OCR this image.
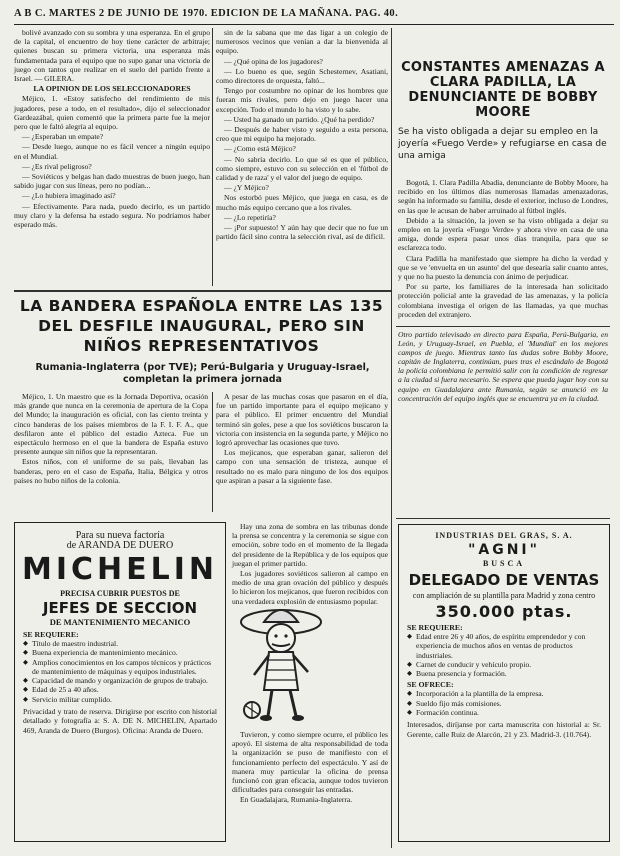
A B C. MARTES 2 DE JUNIO DE 1970. EDICION DE LA MAÑANA. PAG. 40.

bolivé avanzado con su sombra y una esperanza. En el grupo de la capital, el encuentro de hoy tiene carácter de arbitraje; quienes buscan su primera victoria, una esperanza más fundamentada para el equipo que no supo ganar una victoria de juego con tantos que realizar en el suelo del partido frente a Israel. — GILERA.

LA OPINION DE LOS SELECCIONADORES

Méjico, 1. «Estoy satisfecho del rendimiento de mis jugadores, pese a todo, en el resultado», dijo el seleccionador Gardeazábal, quien comentó que la primera parte fue la mejor pero que le faltó alegría al equipo.

— ¿Esperaban un empate?

— Desde luego, aunque no es fácil vencer a ningún equipo en el Mundial.

— ¿Es rival peligroso?

— Soviéticos y belgas han dado muestras de buen juego, han sabido jugar con sus líneas, pero no podían...

— ¿Lo hubiera imaginado así?

— Efectivamente. Para nada, puedo decirlo, es un partido muy claro y la defensa ha estado segura. No podríamos haber esperado más.

sin de la sabana que me das ligar a un colegio de numerosos vecinos que venían a dar la bienvenida al equipo.

— ¿Qué opina de los jugadores?

— Lo bueno es que, según Schesternev, Asatiani, como directores de orquesta, faltó...

Tengo por costumbre no opinar de los hombres que fueran mis rivales, pero dejo en juego hacer una excepción. Todo el mundo lo ha visto y lo sabe.

— Usted ha ganado un partido. ¿Qué ha perdido?

— Después de haber visto y seguido a esta persona, creo que mi equipo ha mejorado.

— ¿Como está Méjico?

— No sabría decirlo. Lo que sé es que el público, como siempre, estuvo con su selección en el 'fútbol de calidad y de raza' y el valor del juego de equipo.

— ¿Y Méjico?

Nos estorbó pues Méjico, que juega en casa, es de mucho más equipo cercano que a los rivales.

— ¿Lo repetiría?

— ¡Por supuesto! Y aún hay que decir que no fue un partido fácil sino contra la selección rival, así de difícil.

CONSTANTES AMENAZAS A CLARA PADILLA, LA DENUNCIANTE DE BOBBY MOORE
Se ha visto obligada a dejar su empleo en la joyería «Fuego Verde» y refugiarse en casa de una amiga

Bogotá, 1. Clara Padilla Abadía, denunciante de Bobby Moore, ha recibido en los últimos días numerosas llamadas amenazadoras, según ha informado su familia, desde el exterior, incluso de Londres, en las que le acusan de haber arruinado al fútbol inglés.

Debido a la situación, la joven se ha visto obligada a dejar su empleo en la joyería «Fuego Verde» y ahora vive en casa de una amiga, donde espera pasar unos días tranquila, para que se esclarezca todo.

Clara Padilla ha manifestado que siempre ha dicho la verdad y que se ve 'envuelta en un asunto' del que desearía salir cuanto antes, y que no ha puesto la denuncia con ánimo de perjudicar.

Por su parte, los familiares de la interesada han solicitado protección policial ante la gravedad de las amenazas, y la policía colombiana investiga el origen de las llamadas, ya que muchas proceden del extranjero.

LA BANDERA ESPAÑOLA ENTRE LAS 135 DEL DESFILE INAUGURAL, PERO SIN NIÑOS REPRESENTATIVOS
Rumania-Inglaterra (por TVE); Perú-Bulgaria y Uruguay-Israel, completan la primera jornada

Méjico, 1. Un maestro que es la Jornada Deportiva, ocasión más grande que nunca en la ceremonia de apertura de la Copa del Mundo; la inauguración es oficial, con las ciento treinta y cinco banderas de los países miembros de la F. I. F. A., que desfilaron ante el público del estadio Azteca. Fue un espectáculo hermoso en el que la bandera de España estuvo presente aunque sin niños que la representaran.

Estos niños, con el uniforme de su país, llevaban las banderas, pero en el caso de España, Italia, Bélgica y otros países no hubo niños de la colonia.

A pesar de las muchas cosas que pasaron en el día, fue un partido importante para el equipo mejicano y para el público. El primer encuentro del Mundial terminó sin goles, pese a que los soviéticos buscaron la victoria con insistencia en la segunda parte, y Méjico no logró aprovechar las ocasiones que tuvo.

Los mejicanos, que esperaban ganar, salieron del campo con una sensación de tristeza, aunque el resultado no es malo para ninguno de los dos equipos que aspiran a pasar a la siguiente fase.

Para su nueva factoría
de ARANDA DE DUERO
MICHELIN
PRECISA CUBRIR PUESTOS DE
JEFES DE SECCION
DE MANTENIMIENTO MECANICO
SE REQUIERE:
◆ Título de maestro industrial.
◆ Buena experiencia de mantenimiento mecánico.
◆ Amplios conocimientos en los campos técnicos y prácticos de mantenimiento de máquinas y equipos industriales.
◆ Capacidad de mando y organización de grupos de trabajo.
◆ Edad de 25 a 40 años.
◆ Servicio militar cumplido.
Privacidad y trato de reserva. Dirigirse por escrito con historial detallado y fotografía a: S. A. DE N. MICHELIN, Apartado 469, Aranda de Duero (Burgos). Oficina: Aranda de Duero.

Hay una zona de sombra en las tribunas donde la prensa se concentra y la ceremonia se sigue con emoción, sobre todo en el momento de la llegada del presidente de la República y de los equipos que juegan el primer partido.

Los jugadores soviéticos salieron al campo en medio de una gran ovación del público y después lo hicieron los mejicanos, que fueron recibidos con una verdadera explosión de entusiasmo popular.

Tuvieron, y como siempre ocurre, el público les apoyó. El sistema de alta responsabilidad de toda la organización se puso de manifiesto con el funcionamiento perfecto del espectáculo. Y así de manera muy particular la oficina de prensa funcionó con gran eficacia, aunque todos tuvieron dificultades para conseguir las entradas.

En Guadalajara, Rumania-Inglaterra.

Otro partido televisado en directo para España, Perú-Bulgaria, en León, y Uruguay-Israel, en Puebla, el 'Mundial' en los mejores campos de juego. Mientras tanto las dudas sobre Bobby Moore, capitán de Inglaterra, continúan, pues tras el escándalo de Bogotá la policía colombiana le permitió salir con la condición de regresar a la ciudad si fuera necesario. Se espera que pueda jugar hoy con su equipo en Guadalajara ante Rumania, según se anunció en la concentración del equipo inglés que se encuentra ya en la ciudad.
INDUSTRIAS DEL GRAS, S. A.
"AGNI"
BUSCA
DELEGADO DE VENTAS
con ampliación de su plantilla para Madrid y zona centro
350.000 ptas.
SE REQUIERE:
◆ Edad entre 26 y 40 años, de espíritu emprendedor y con experiencia de muchos años en ventas de productos industriales.
◆ Carnet de conducir y vehículo propio.
◆ Buena presencia y formación.
SE OFRECE:
◆ Incorporación a la plantilla de la empresa.
◆ Sueldo fijo más comisiones.
◆ Formación continua.
Interesados, diríjanse por carta manuscrita con historial a: Sr. Gerente, calle Ruiz de Alarcón, 21 y 23. Madrid-3. (10.764).
